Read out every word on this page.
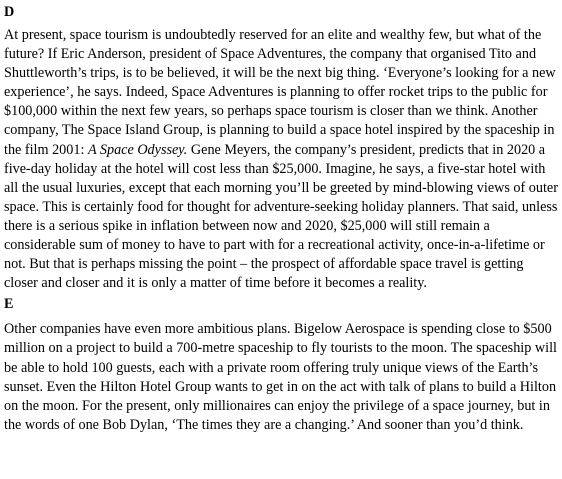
D

At present, space tourism is undoubtedly reserved for an elite and wealthy few, but what of the future? If Eric Anderson, president of Space Adventures, the company that organised Tito and Shuttleworth’s trips, is to be believed, it will be the next big thing. ‘Everyone’s looking for a new experience’, he says. Indeed, Space Adventures is planning to offer rocket trips to the public for $100,000 within the next few years, so perhaps space tourism is closer than we think. Another company, The Space Island Group, is planning to build a space hotel inspired by the spaceship in the film 2001: A Space Odyssey. Gene Meyers, the company’s president, predicts that in 2020 a five-day holiday at the hotel will cost less than $25,000. Imagine, he says, a five-star hotel with all the usual luxuries, except that each morning you’ll be greeted by mind-blowing views of outer space. This is certainly food for thought for adventure-seeking holiday planners. That said, unless there is a serious spike in inflation between now and 2020, $25,000 will still remain a considerable sum of money to have to part with for a recreational activity, once-in-a-lifetime or not. But that is perhaps missing the point – the prospect of affordable space travel is getting closer and closer and it is only a matter of time before it becomes a reality.

E

Other companies have even more ambitious plans. Bigelow Aerospace is spending close to $500 million on a project to build a 700-metre spaceship to fly tourists to the moon. The spaceship will be able to hold 100 guests, each with a private room offering truly unique views of the Earth’s sunset. Even the Hilton Hotel Group wants to get in on the act with talk of plans to build a Hilton on the moon. For the present, only millionaires can enjoy the privilege of a space journey, but in the words of one Bob Dylan, ‘The times they are a changing.’ And sooner than you’d think.
